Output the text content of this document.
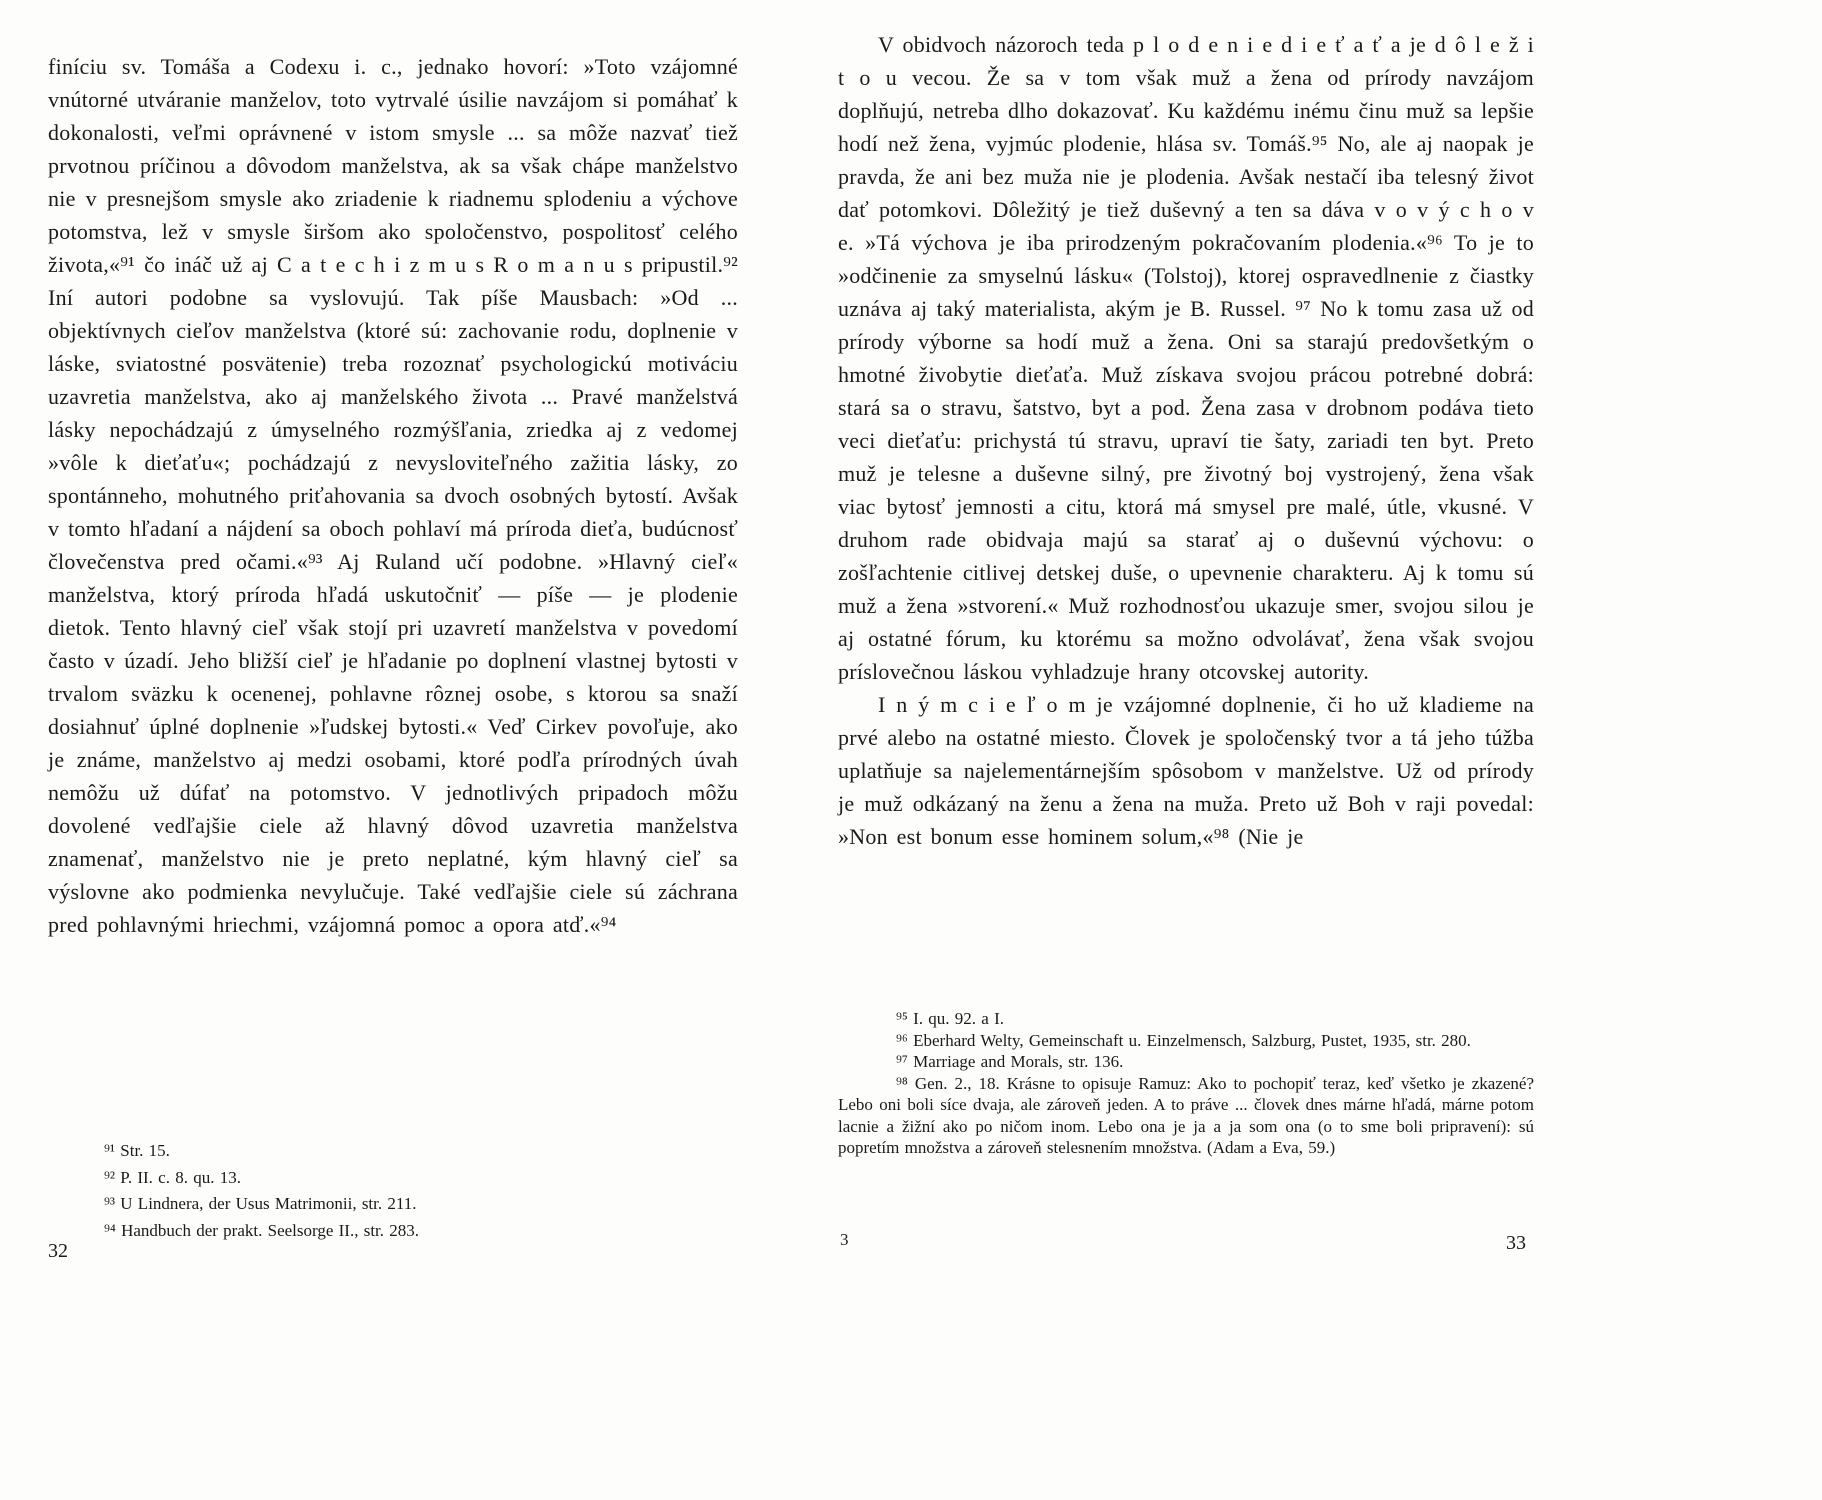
finíciu sv. Tomáša a Codexu i. c., jednako hovorí: »Toto vzájomné vnútorné utváranie manželov, toto vytrvalé úsilie navzájom si pomáhať k dokonalosti, veľmi oprávnené v istom smysle ... sa môže nazvať tiež prvotnou príčinou a dôvodom manželstva, ak sa však chápe manželstvo nie v presnejšom smysle ako zriadenie k riadnemu splodeniu a výchove potomstva, lež v smysle širšom ako spoločenstvo, pospolitosť celého života,«⁹¹ čo ináč už aj C a t e c h i z m u s R o m a n u s pripustil.⁹² Iní autori podobne sa vyslovujú. Tak píše Mausbach: »Od ... objektívnych cieľov manželstva (ktoré sú: zachovanie rodu, doplnenie v láske, sviatostné posvätenie) treba rozoznať psychologickú motiváciu uzavretia manželstva, ako aj manželského života ... Pravé manželstvá lásky nepochádzajú z úmyselného rozmýšľania, zriedka aj z vedomej »vôle k dieťaťu«; pochádzajú z nevysloviteľného zažitia lásky, zo spontánneho, mohutného priťahovania sa dvoch osobných bytostí. Avšak v tomto hľadaní a nájdení sa oboch pohlaví má príroda dieťa, budúcnosť človečenstva pred očami.«⁹³ Aj Ruland učí podobne. »Hlavný cieľ« manželstva, ktorý príroda hľadá uskutočniť — píše — je plodenie dietok. Tento hlavný cieľ však stojí pri uzavretí manželstva v povedomí často v úzadí. Jeho bližší cieľ je hľadanie po doplnení vlastnej bytosti v trvalom sväzku k ocenenej, pohlavne rôznej osobe, s ktorou sa snaží dosiahnuť úplné doplnenie »ľudskej bytosti.« Veď Cirkev povoľuje, ako je známe, manželstvo aj medzi osobami, ktoré podľa prírodných úvah nemôžu už dúfať na potomstvo. V jednotlivých pripadoch môžu dovolené vedľajšie ciele až hlavný dôvod uzavretia manželstva znamenať, manželstvo nie je preto neplatné, kým hlavný cieľ sa výslovne ako podmienka nevylučuje. Také vedľajšie ciele sú záchrana pred pohlavnými hriechmi, vzájomná pomoc a opora atď.«⁹⁴

⁹¹ Str. 15.

⁹² P. II. c. 8. qu. 13.

⁹³ U Lindnera, der Usus Matrimonii, str. 211.

⁹⁴ Handbuch der prakt. Seelsorge II., str. 283.

32

V obidvoch názoroch teda p l o d e n i e d i e ť a ť a je d ô l e ž i t o u vecou. Že sa v tom však muž a žena od prírody navzájom doplňujú, netreba dlho dokazovať. Ku každému inému činu muž sa lepšie hodí než žena, vyjmúc plodenie, hlása sv. Tomáš.⁹⁵ No, ale aj naopak je pravda, že ani bez muža nie je plodenia. Avšak nestačí iba telesný život dať potomkovi. Dôležitý je tiež duševný a ten sa dáva v o v ý c h o v e. »Tá výchova je iba prirodzeným pokračovaním plodenia.«⁹⁶ To je to »odčinenie za smyselnú lásku« (Tolstoj), ktorej ospravedlnenie z čiastky uznáva aj taký materialista, akým je B. Russel. ⁹⁷ No k tomu zasa už od prírody výborne sa hodí muž a žena. Oni sa starajú predovšetkým o hmotné živobytie dieťaťa. Muž získava svojou prácou potrebné dobrá: stará sa o stravu, šatstvo, byt a pod. Žena zasa v drobnom podáva tieto veci dieťaťu: prichystá tú stravu, upraví tie šaty, zariadi ten byt. Preto muž je telesne a duševne silný, pre životný boj vystrojený, žena však viac bytosť jemnosti a citu, ktorá má smysel pre malé, útle, vkusné. V druhom rade obidvaja majú sa starať aj o duševnú výchovu: o zošľachtenie citlivej detskej duše, o upevnenie charakteru. Aj k tomu sú muž a žena »stvorení.« Muž rozhodnosťou ukazuje smer, svojou silou je aj ostatné fórum, ku ktorému sa možno odvolávať, žena však svojou príslovečnou láskou vyhladzuje hrany otcovskej autority.

I n ý m c i e ľ o m je vzájomné doplnenie, či ho už kladieme na prvé alebo na ostatné miesto. Človek je spoločenský tvor a tá jeho túžba uplatňuje sa najelementárnejším spôsobom v manželstve. Už od prírody je muž odkázaný na ženu a žena na muža. Preto už Boh v raji povedal: »Non est bonum esse hominem solum,«⁹⁸ (Nie je

⁹⁵ I. qu. 92. a I.

⁹⁶ Eberhard Welty, Gemeinschaft u. Einzelmensch, Salzburg, Pustet, 1935, str. 280.

⁹⁷ Marriage and Morals, str. 136.

⁹⁸ Gen. 2., 18. Krásne to opisuje Ramuz: Ako to pochopiť teraz, keď všetko je zkazené? Lebo oni boli síce dvaja, ale zároveň jeden. A to práve ... človek dnes márne hľadá, márne potom lacnie a žižní ako po ničom inom. Lebo ona je ja a ja som ona (o to sme boli pripravení): sú popretím množstva a zároveň stelesnením množstva. (Adam a Eva, 59.)

3	33
